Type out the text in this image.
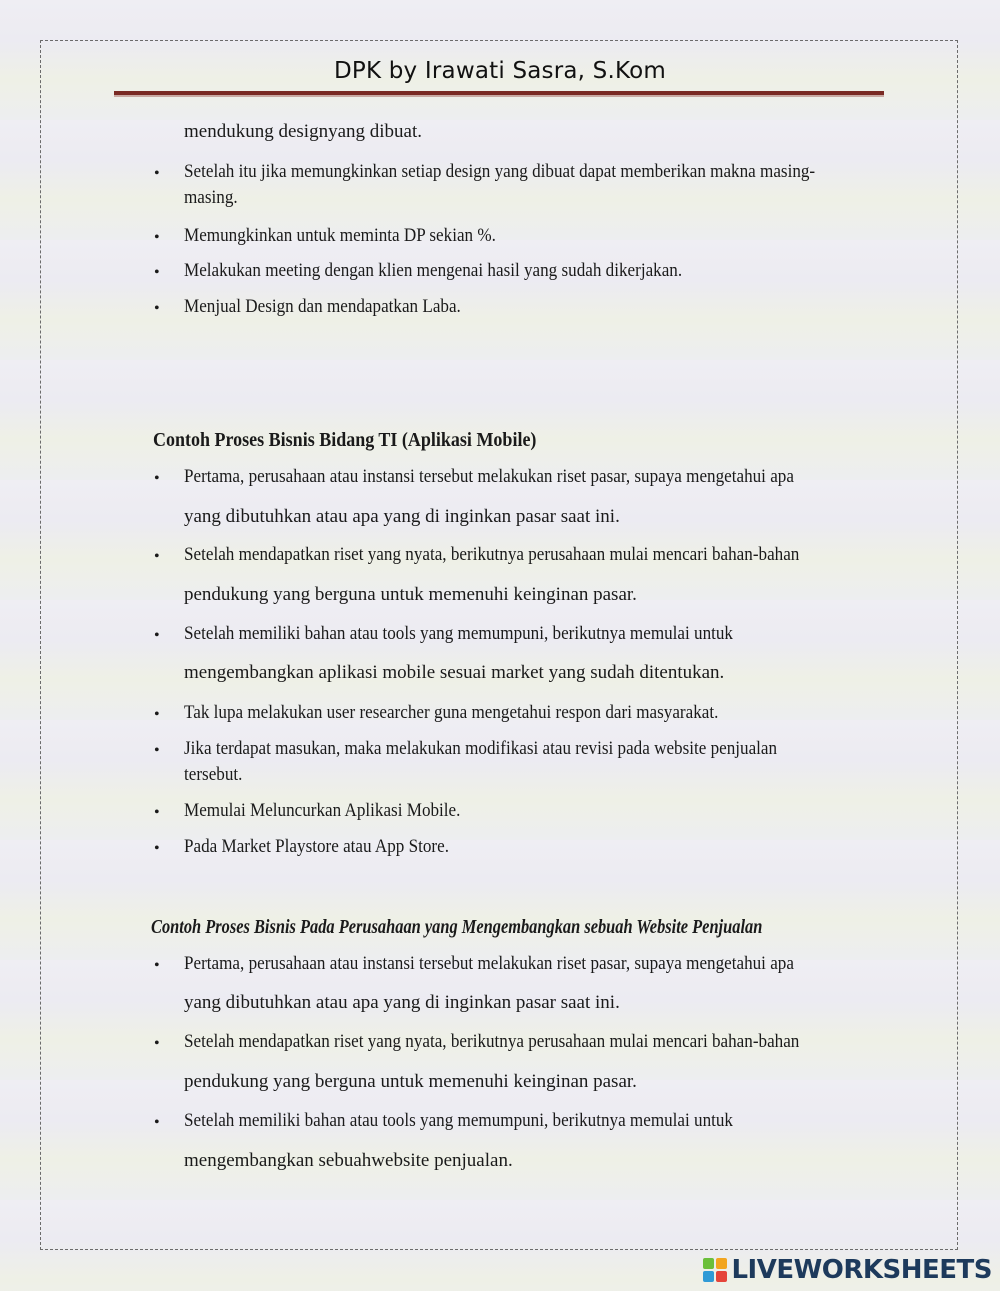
DPK by Irawati Sasra, S.Kom
mendukung designyang dibuat.
• Setelah itu jika memungkinkan setiap design yang dibuat dapat memberikan makna masing-
masing.
• Memungkinkan untuk meminta DP sekian %.
• Melakukan meeting dengan klien mengenai hasil yang sudah dikerjakan.
• Menjual Design dan mendapatkan Laba.
Contoh Proses Bisnis Bidang TI (Aplikasi Mobile)
• Pertama, perusahaan atau instansi tersebut melakukan riset pasar, supaya mengetahui apa
yang dibutuhkan atau apa yang di inginkan pasar saat ini.
• Setelah mendapatkan riset yang nyata, berikutnya perusahaan mulai mencari bahan-bahan
pendukung yang berguna untuk memenuhi keinginan pasar.
• Setelah memiliki bahan atau tools yang memumpuni, berikutnya memulai untuk
mengembangkan aplikasi mobile sesuai market yang sudah ditentukan.
• Tak lupa melakukan user researcher guna mengetahui respon dari masyarakat.
• Jika terdapat masukan, maka melakukan modifikasi atau revisi pada website penjualan
tersebut.
• Memulai Meluncurkan Aplikasi Mobile.
• Pada Market Playstore atau App Store.
Contoh Proses Bisnis Pada Perusahaan yang Mengembangkan sebuah Website Penjualan
• Pertama, perusahaan atau instansi tersebut melakukan riset pasar, supaya mengetahui apa
yang dibutuhkan atau apa yang di inginkan pasar saat ini.
• Setelah mendapatkan riset yang nyata, berikutnya perusahaan mulai mencari bahan-bahan
pendukung yang berguna untuk memenuhi keinginan pasar.
• Setelah memiliki bahan atau tools yang memumpuni, berikutnya memulai untuk
mengembangkan sebuahwebsite penjualan.
LIVEWORKSHEETS
